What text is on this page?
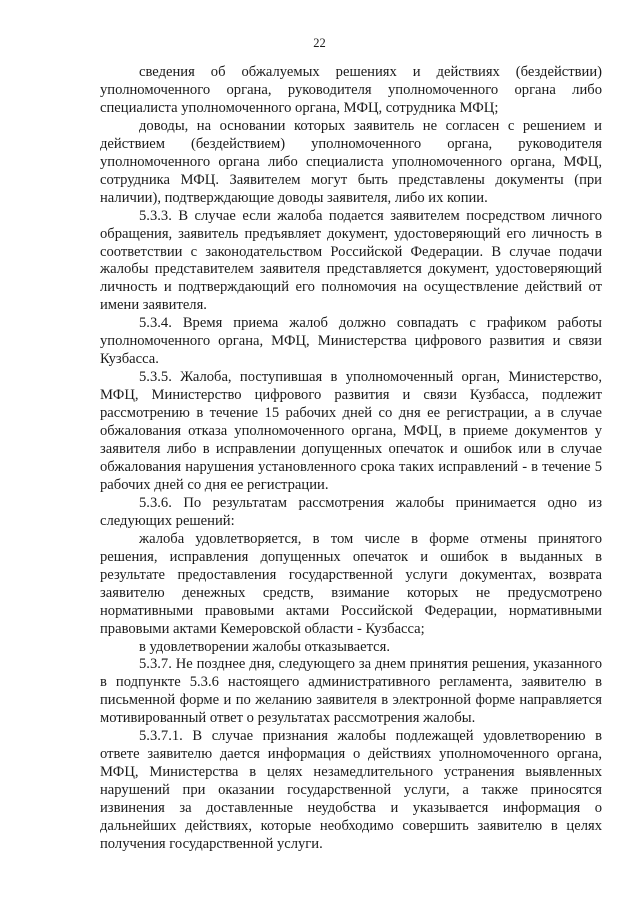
22

сведения об обжалуемых решениях и действиях (бездействии) уполномоченного органа, руководителя уполномоченного органа либо специалиста уполномоченного органа, МФЦ, сотрудника МФЦ;

доводы, на основании которых заявитель не согласен с решением и действием (бездействием) уполномоченного органа, руководителя уполномоченного органа либо специалиста уполномоченного органа, МФЦ, сотрудника МФЦ. Заявителем могут быть представлены документы (при наличии), подтверждающие доводы заявителя, либо их копии.

5.3.3. В случае если жалоба подается заявителем посредством личного обращения, заявитель предъявляет документ, удостоверяющий его личность в соответствии с законодательством Российской Федерации. В случае подачи жалобы представителем заявителя представляется документ, удостоверяющий личность и подтверждающий его полномочия на осуществление действий от имени заявителя.

5.3.4. Время приема жалоб должно совпадать с графиком работы уполномоченного органа, МФЦ, Министерства цифрового развития и связи Кузбасса.

5.3.5. Жалоба, поступившая в уполномоченный орган, Министерство, МФЦ, Министерство цифрового развития и связи Кузбасса, подлежит рассмотрению в течение 15 рабочих дней со дня ее регистрации, а в случае обжалования отказа уполномоченного органа, МФЦ, в приеме документов у заявителя либо в исправлении допущенных опечаток и ошибок или в случае обжалования нарушения установленного срока таких исправлений - в течение 5 рабочих дней со дня ее регистрации.

5.3.6. По результатам рассмотрения жалобы принимается одно из следующих решений:

жалоба удовлетворяется, в том числе в форме отмены принятого решения, исправления допущенных опечаток и ошибок в выданных в результате предоставления государственной услуги документах, возврата заявителю денежных средств, взимание которых не предусмотрено нормативными правовыми актами Российской Федерации, нормативными правовыми актами Кемеровской области - Кузбасса;

в удовлетворении жалобы отказывается.

5.3.7. Не позднее дня, следующего за днем принятия решения, указанного в подпункте 5.3.6 настоящего административного регламента, заявителю в письменной форме и по желанию заявителя в электронной форме направляется мотивированный ответ о результатах рассмотрения жалобы.

5.3.7.1. В случае признания жалобы подлежащей удовлетворению в ответе заявителю дается информация о действиях уполномоченного органа, МФЦ, Министерства в целях незамедлительного устранения выявленных нарушений при оказании государственной услуги, а также приносятся извинения за доставленные неудобства и указывается информация о дальнейших действиях, которые необходимо совершить заявителю в целях получения государственной услуги.
